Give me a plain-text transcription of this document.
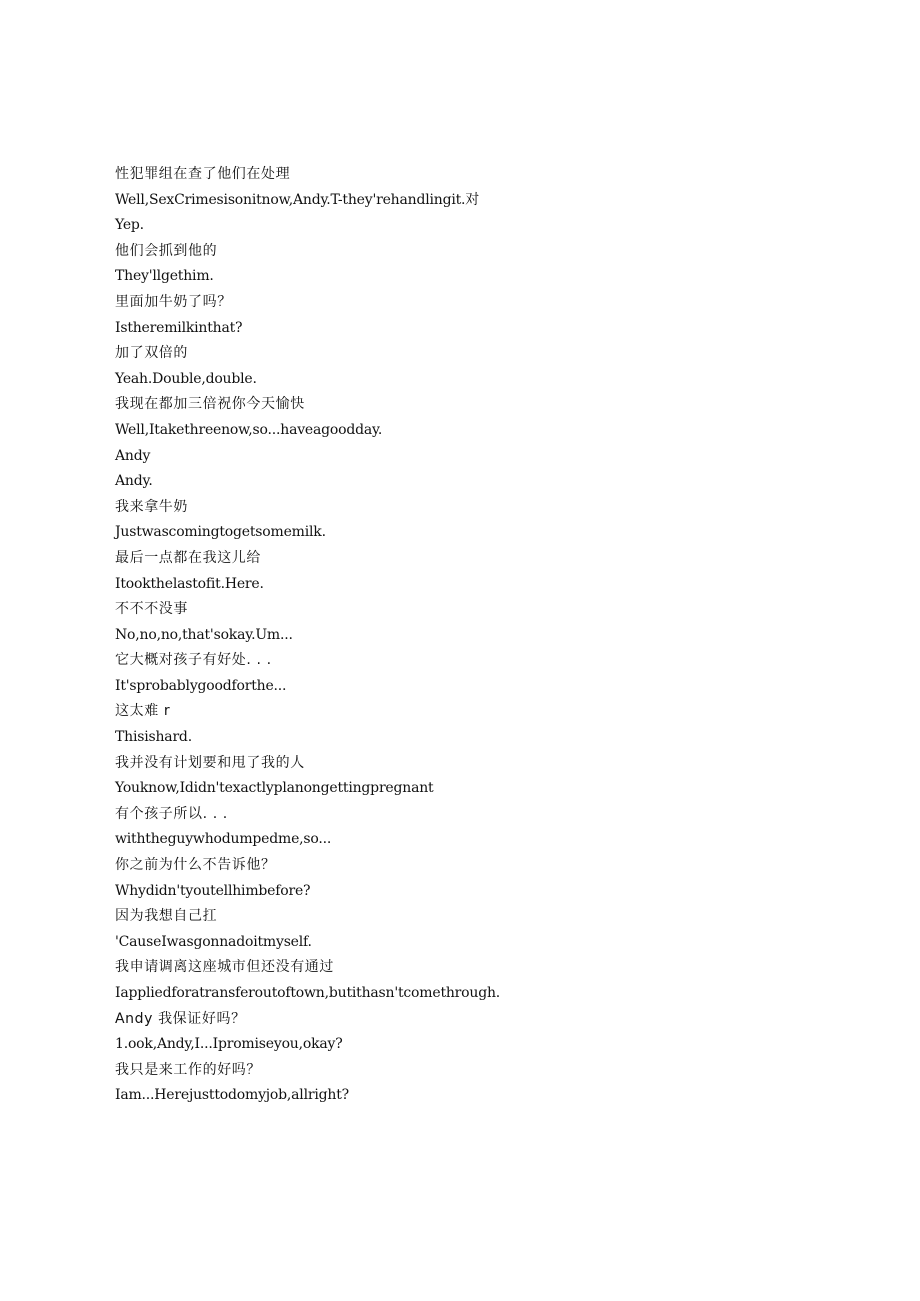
性犯罪组在查了他们在处理
Well,SexCrimesisonitnow,Andy.T-they'rehandlingit.对
Yep.
他们会抓到他的
They'llgethim.
里面加牛奶了吗？
Istheremilkinthat?
加了双倍的
Yeah.Double,double.
我现在都加三倍祝你今天愉快
Well,Itakethreenow,so...haveagoodday.
Andy
Andy.
我来拿牛奶
Justwascomingtogetsomemilk.
最后一点都在我这儿给
Itookthelastofit.Here.
不不不没事
No,no,no,that'sokay.Um...
它大概对孩子有好处. . .
It'sprobablygoodforthe...
这太难 r
Thisishard.
我并没有计划要和甩了我的人
Youknow,Ididn'texactlyplanongettingpregnant
有个孩子所以. . .
withtheguywhodumpedme,so...
你之前为什么不告诉他？
Whydidn'tyoutellhimbefore?
因为我想自己扛
'CauseIwasgonnadoitmyself.
我申请调离这座城市但还没有通过
Iappliedforatransferoutoftown,butithasn'tcomethrough.
Andy 我保证好吗？
1.ook,Andy,I...Ipromiseyou,okay?
我只是来工作的好吗？
Iam...Herejusttodomyjob,allright?
